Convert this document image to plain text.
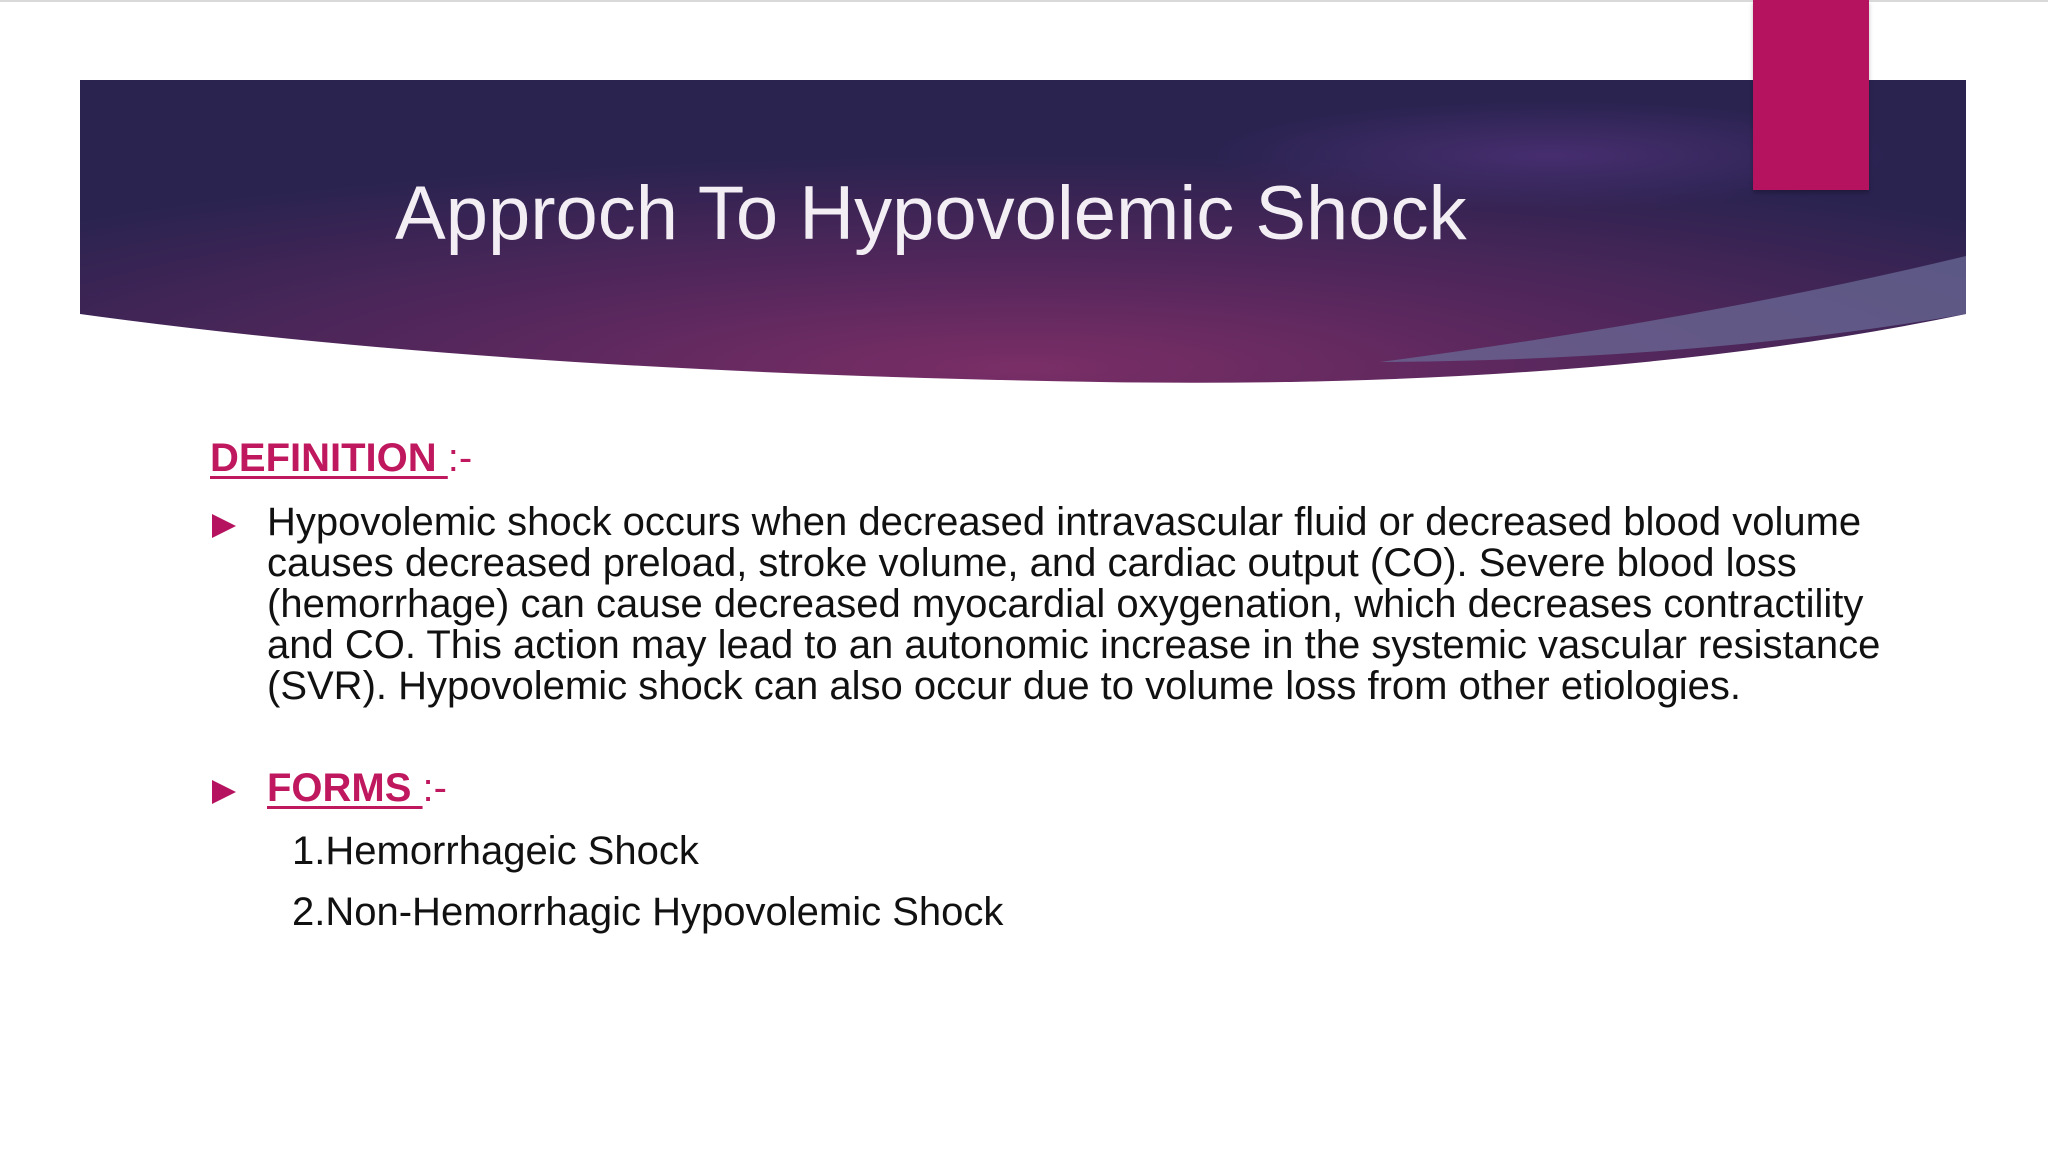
Approch To Hypovolemic Shock
DEFINITION :-
Hypovolemic shock occurs when decreased intravascular fluid or decreased blood volume causes decreased preload, stroke volume, and cardiac output (CO). Severe blood loss (hemorrhage) can cause decreased myocardial oxygenation, which decreases contractility and CO. This action may lead to an autonomic increase in the systemic vascular resistance (SVR). Hypovolemic shock can also occur due to volume loss from other etiologies.
FORMS :-
1.Hemorrhageic Shock
2.Non-Hemorrhagic Hypovolemic Shock
